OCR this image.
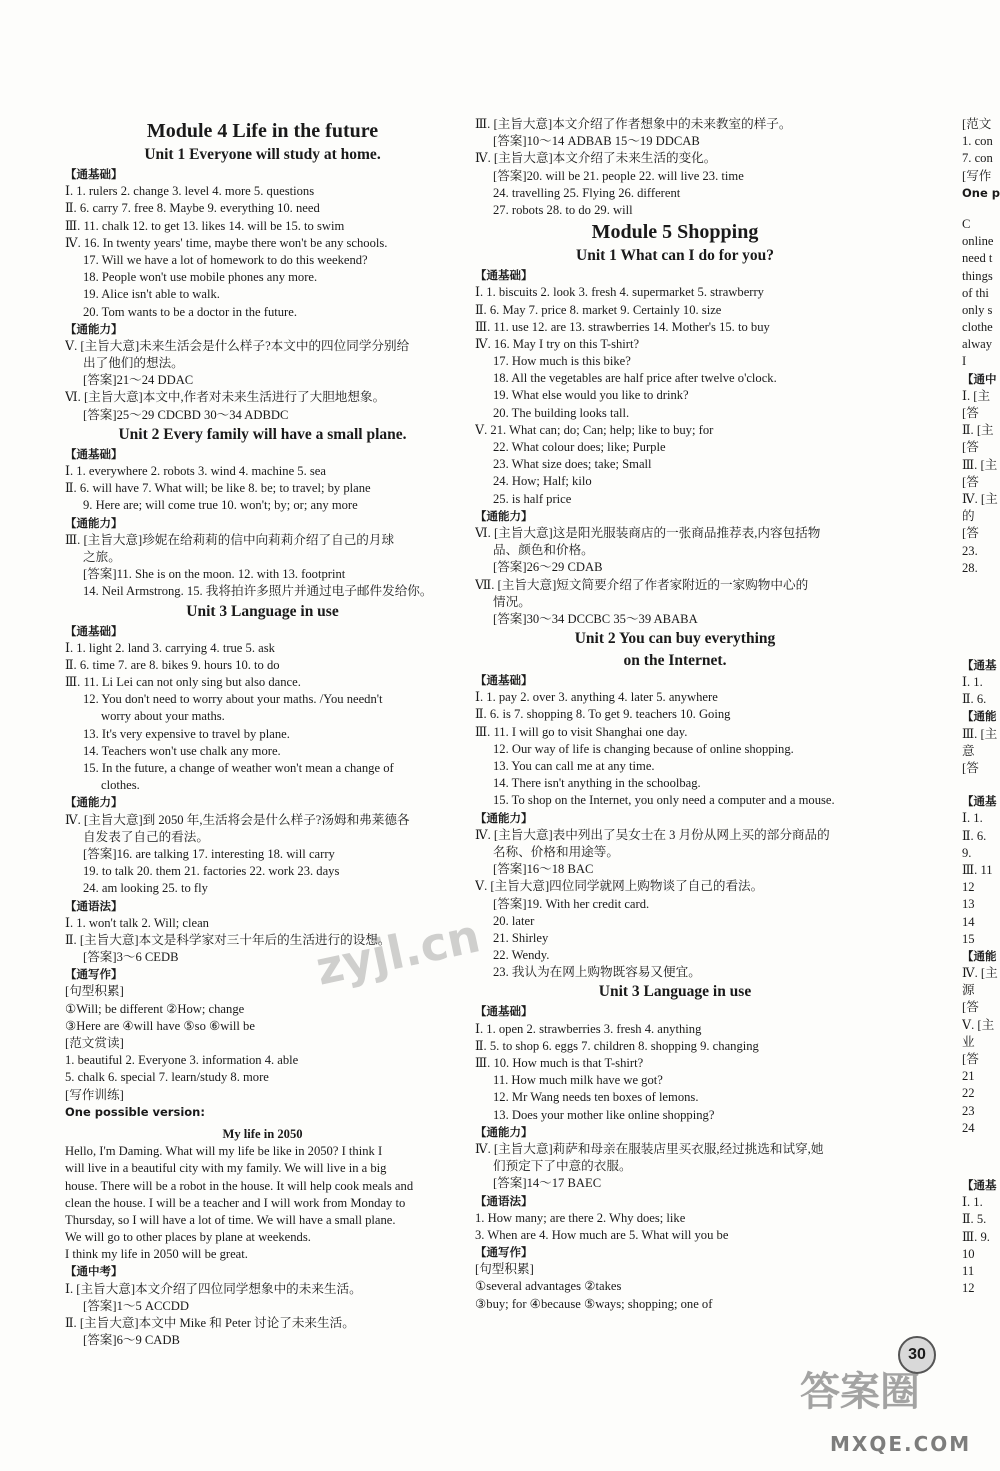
Module 4 Life in the future
Unit 1 Everyone will study at home.
【通基础】
Ⅰ. 1. rulers 2. change 3. level 4. more 5. questions
Ⅱ. 6. carry 7. free 8. Maybe 9. everything 10. need
Ⅲ. 11. chalk 12. to get 13. likes 14. will be 15. to swim
Ⅳ. 16. In twenty years' time, maybe there won't be any schools.
17. Will we have a lot of homework to do this weekend?
18. People won't use mobile phones any more.
19. Alice isn't able to walk.
20. Tom wants to be a doctor in the future.
【通能力】
Ⅴ. [主旨大意]未来生活会是什么样子?本文中的四位同学分别给
出了他们的想法。
[答案]21～24 DDAC
Ⅵ. [主旨大意]本文中,作者对未来生活进行了大胆地想象。
[答案]25～29 CDCBD 30～34 ADBDC
Unit 2 Every family will have a small plane.
【通基础】
Ⅰ. 1. everywhere 2. robots 3. wind 4. machine 5. sea
Ⅱ. 6. will have 7. What will; be like 8. be; to travel; by plane
9. Here are; will come true 10. won't; by; or; any more
【通能力】
Ⅲ. [主旨大意]珍妮在给莉莉的信中向莉莉介绍了自己的月球
之旅。
[答案]11. She is on the moon. 12. with 13. footprint
14. Neil Armstrong. 15. 我将拍许多照片并通过电子邮件发给你。
Unit 3 Language in use
【通基础】
Ⅰ. 1. light 2. land 3. carrying 4. true 5. ask
Ⅱ. 6. time 7. are 8. bikes 9. hours 10. to do
Ⅲ. 11. Li Lei can not only sing but also dance.
12. You don't need to worry about your maths. /You needn't
worry about your maths.
13. It's very expensive to travel by plane.
14. Teachers won't use chalk any more.
15. In the future, a change of weather won't mean a change of
clothes.
【通能力】
Ⅳ. [主旨大意]到 2050 年,生活将会是什么样子?汤姆和弗莱德各
自发表了自己的看法。
[答案]16. are talking 17. interesting 18. will carry
19. to talk 20. them 21. factories 22. work 23. days
24. am looking 25. to fly
【通语法】
Ⅰ. 1. won't talk 2. Will; clean
Ⅱ. [主旨大意]本文是科学家对三十年后的生活进行的设想。
[答案]3～6 CEDB
【通写作】
[句型积累]
①Will; be different ②How; change
③Here are ④will have ⑤so ⑥will be
[范文赏读]
1. beautiful 2. Everyone 3. information 4. able
5. chalk 6. special 7. learn/study 8. more
[写作训练]
One possible version:
My life in 2050
Hello, I'm Daming. What will my life be like in 2050? I think I
will live in a beautiful city with my family. We will live in a big
house. There will be a robot in the house. It will help cook meals and
clean the house. I will be a teacher and I will work from Monday to
Thursday, so I will have a lot of time. We will have a small plane.
We will go to other places by plane at weekends.
I think my life in 2050 will be great.
【通中考】
Ⅰ. [主旨大意]本文介绍了四位同学想象中的未来生活。
[答案]1～5 ACCDD
Ⅱ. [主旨大意]本文中 Mike 和 Peter 讨论了未来生活。
[答案]6～9 CADB
Ⅲ. [主旨大意]本文介绍了作者想象中的未来教室的样子。
[答案]10～14 ADBAB 15～19 DDCAB
Ⅳ. [主旨大意]本文介绍了未来生活的变化。
[答案]20. will be 21. people 22. will live 23. time
24. travelling 25. Flying 26. different
27. robots 28. to do 29. will
Module 5 Shopping
Unit 1 What can I do for you?
【通基础】
Ⅰ. 1. biscuits 2. look 3. fresh 4. supermarket 5. strawberry
Ⅱ. 6. May 7. price 8. market 9. Certainly 10. size
Ⅲ. 11. use 12. are 13. strawberries 14. Mother's 15. to buy
Ⅳ. 16. May I try on this T-shirt?
17. How much is this bike?
18. All the vegetables are half price after twelve o'clock.
19. What else would you like to drink?
20. The building looks tall.
Ⅴ. 21. What can; do; Can; help; like to buy; for
22. What colour does; like; Purple
23. What size does; take; Small
24. How; Half; kilo
25. is half price
【通能力】
Ⅵ. [主旨大意]这是阳光服装商店的一张商品推荐表,内容包括物
品、颜色和价格。
[答案]26～29 CDAB
Ⅶ. [主旨大意]短文简要介绍了作者家附近的一家购物中心的
情况。
[答案]30～34 DCCBC 35～39 ABABA
Unit 2 You can buy everything
on the Internet.
【通基础】
Ⅰ. 1. pay 2. over 3. anything 4. later 5. anywhere
Ⅱ. 6. is 7. shopping 8. To get 9. teachers 10. Going
Ⅲ. 11. I will go to visit Shanghai one day.
12. Our way of life is changing because of online shopping.
13. You can call me at any time.
14. There isn't anything in the schoolbag.
15. To shop on the Internet, you only need a computer and a mouse.
【通能力】
Ⅳ. [主旨大意]表中列出了吴女士在 3 月份从网上买的部分商品的
名称、价格和用途等。
[答案]16～18 BAC
Ⅴ. [主旨大意]四位同学就网上购物谈了自己的看法。
[答案]19. With her credit card.
20. later
21. Shirley
22. Wendy.
23. 我认为在网上购物既容易又便宜。
Unit 3 Language in use
【通基础】
Ⅰ. 1. open 2. strawberries 3. fresh 4. anything
Ⅱ. 5. to shop 6. eggs 7. children 8. shopping 9. changing
Ⅲ. 10. How much is that T-shirt?
11. How much milk have we got?
12. Mr Wang needs ten boxes of lemons.
13. Does your mother like online shopping?
【通能力】
Ⅳ. [主旨大意]莉萨和母亲在服装店里买衣服,经过挑选和试穿,她
们预定下了中意的衣服。
[答案]14～17 BAEC
【通语法】
1. How many; are there 2. Why does; like
3. When are 4. How much are 5. What will you be
【通写作】
[句型积累]
①several advantages ②takes
③buy; for ④because ⑤ways; shopping; one of
[范文
1. con
7. con
[写作
One p
C
online
need t
things
of thi
only s
clothe
alway
I
【通中
Ⅰ. [主
[答
Ⅱ. [主
[答
Ⅲ. [主
[答
Ⅳ. [主
的
[答
23.
28.
【通基
Ⅰ. 1.
Ⅱ. 6.
【通能
Ⅲ. [主
意
[答
【通基
Ⅰ. 1.
Ⅱ. 6.
9.
Ⅲ. 11
12
13
14
15
【通能
Ⅳ. [主
源
[答
Ⅴ. [主
业
[答
21
22
23
24
【通基
Ⅰ. 1.
Ⅱ. 5.
Ⅲ. 9.
10
11
12
30
zyjl.cn
答案圈
MXQE.COM
